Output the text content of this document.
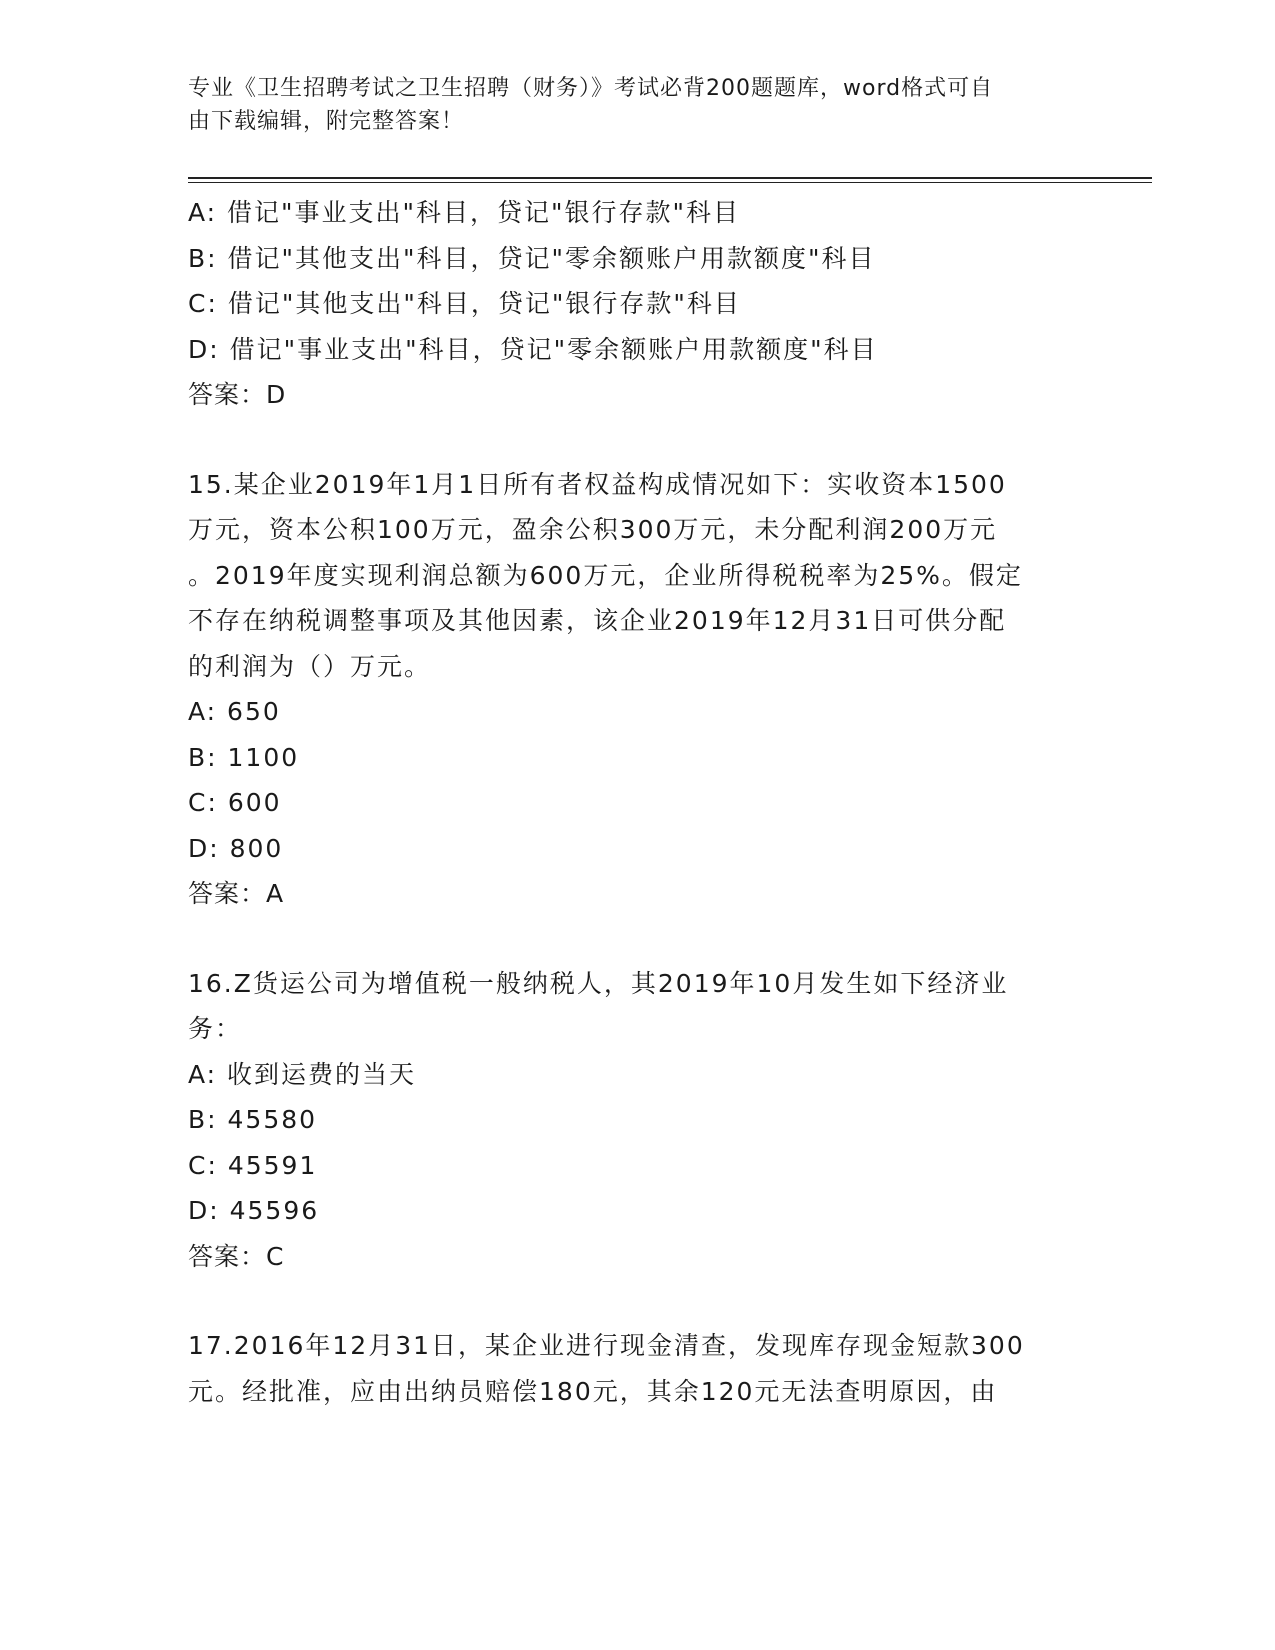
专业《卫生招聘考试之卫生招聘（财务）》考试必背200题题库，word格式可自
由下载编辑，附完整答案！
A: 借记"事业支出"科目，贷记"银行存款"科目
B: 借记"其他支出"科目，贷记"零余额账户用款额度"科目
C: 借记"其他支出"科目，贷记"银行存款"科目
D: 借记"事业支出"科目，贷记"零余额账户用款额度"科目
答案：D
15.某企业2019年1月1日所有者权益构成情况如下：实收资本1500
万元，资本公积100万元，盈余公积300万元，未分配利润200万元
。2019年度实现利润总额为600万元，企业所得税税率为25%。假定
不存在纳税调整事项及其他因素，该企业2019年12月31日可供分配
的利润为（）万元。
A: 650
B: 1100
C: 600
D: 800
答案：A
16.Z货运公司为增值税一般纳税人，其2019年10月发生如下经济业
务：
A: 收到运费的当天
B: 45580
C: 45591
D: 45596
答案：C
17.2016年12月31日，某企业进行现金清查，发现库存现金短款300
元。经批准，应由出纳员赔偿180元，其余120元无法查明原因，由
